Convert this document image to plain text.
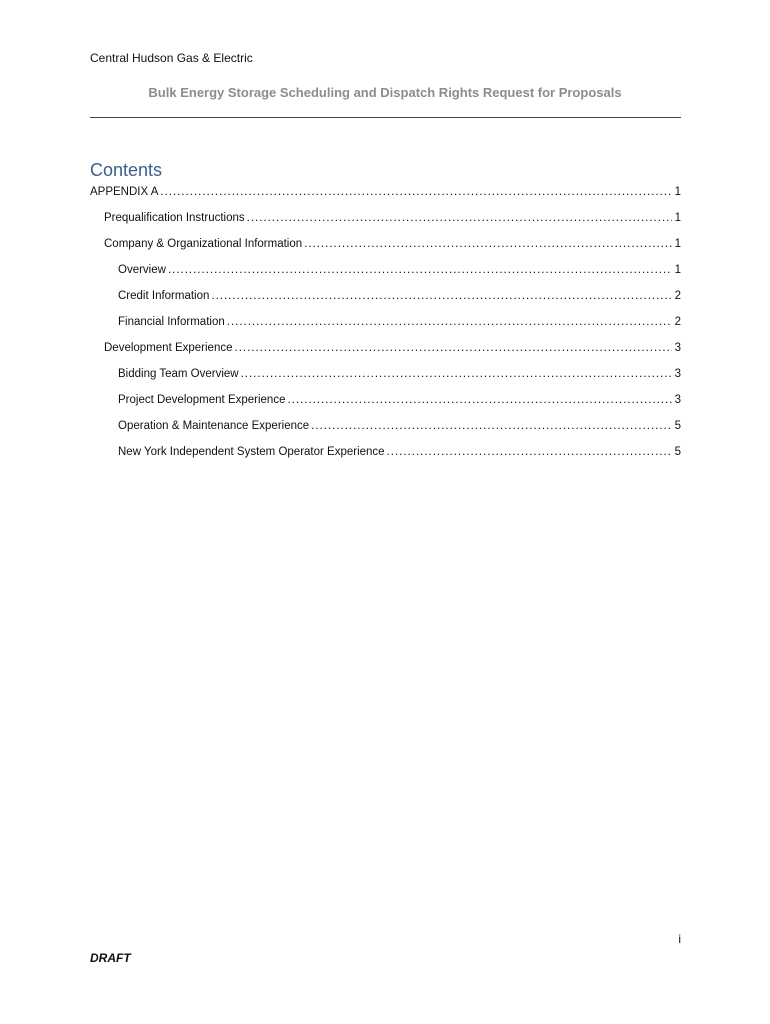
Central Hudson Gas & Electric
Bulk Energy Storage Scheduling and Dispatch Rights Request for Proposals
Contents
APPENDIX A .....	1
Prequalification Instructions .....	1
Company & Organizational Information .....	1
Overview .....	1
Credit Information .....	2
Financial Information .....	2
Development Experience .....	3
Bidding Team Overview .....	3
Project Development Experience .....	3
Operation & Maintenance Experience .....	5
New York Independent System Operator Experience .....	5
i
DRAFT
